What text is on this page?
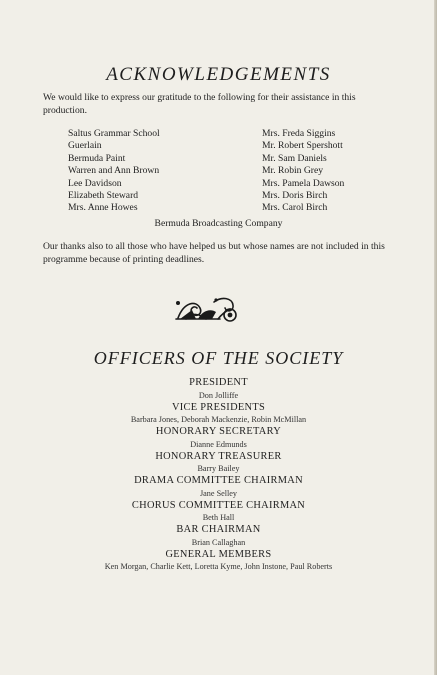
ACKNOWLEDGEMENTS
We would like to express our gratitude to the following for their assistance in this production.
Saltus Grammar School
Guerlain
Bermuda Paint
Warren and Ann Brown
Lee Davidson
Elizabeth Steward
Mrs. Anne Howes
Mrs. Freda Siggins
Mr. Robert Spershott
Mr. Sam Daniels
Mr. Robin Grey
Mrs. Pamela Dawson
Mrs. Doris Birch
Mrs. Carol Birch
Bermuda Broadcasting Company
Our thanks also to all those who have helped us but whose names are not included in this programme because of printing deadlines.
OFFICERS OF THE SOCIETY
PRESIDENT
Don Jolliffe
VICE PRESIDENTS
Barbara Jones, Deborah Mackenzie, Robin McMillan
HONORARY SECRETARY
Dianne Edmunds
HONORARY TREASURER
Barry Bailey
DRAMA COMMITTEE CHAIRMAN
Jane Selley
CHORUS COMMITTEE CHAIRMAN
Beth Hall
BAR CHAIRMAN
Brian Callaghan
GENERAL MEMBERS
Ken Morgan, Charlie Kett, Loretta Kyme, John Instone, Paul Roberts
